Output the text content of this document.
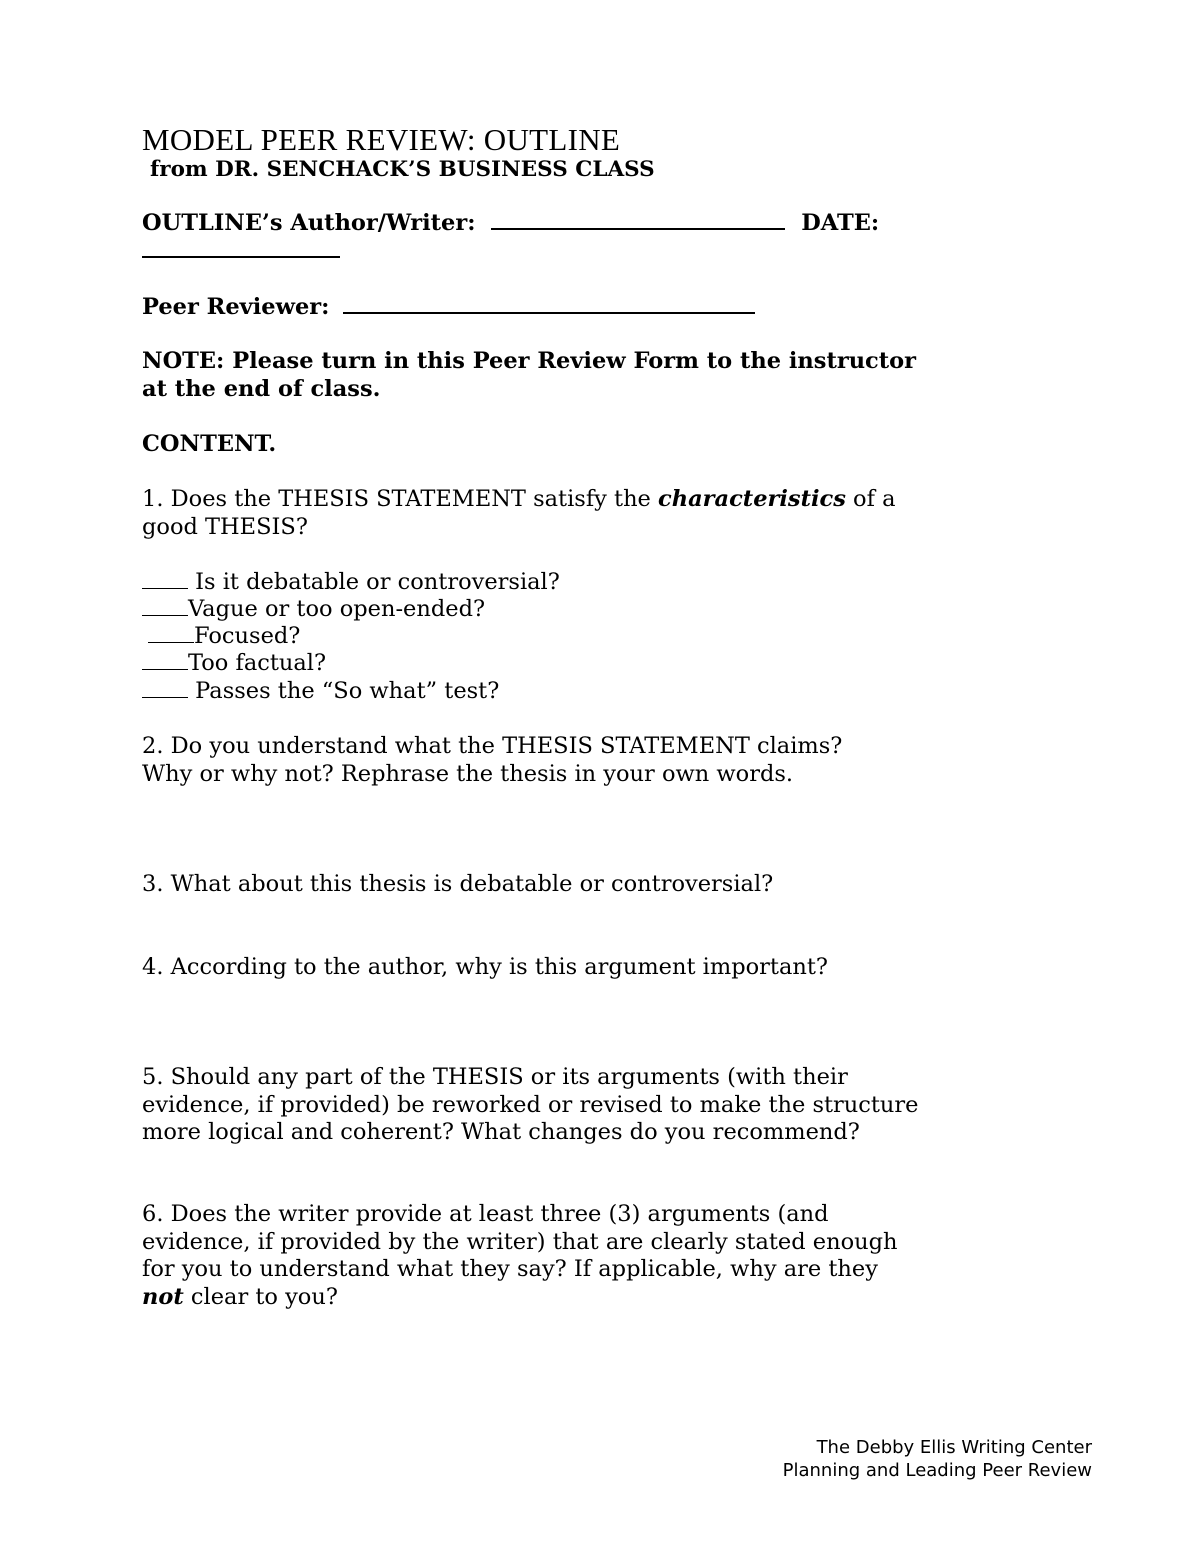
MODEL PEER REVIEW: OUTLINE
from DR. SENCHACK’S BUSINESS CLASS
OUTLINE’s Author/Writer:	DATE:
Peer Reviewer:
NOTE: Please turn in this Peer Review Form to the instructor
at the end of class.
CONTENT.
1. Does the THESIS STATEMENT satisfy the characteristics of a
good THESIS?
Is it debatable or controversial?
Vague or too open-ended?
Focused?
Too factual?
Passes the “So what” test?
2. Do you understand what the THESIS STATEMENT claims?
Why or why not? Rephrase the thesis in your own words.
3. What about this thesis is debatable or controversial?
4. According to the author, why is this argument important?
5. Should any part of the THESIS or its arguments (with their
evidence, if provided) be reworked or revised to make the structure
more logical and coherent? What changes do you recommend?
6. Does the writer provide at least three (3) arguments (and
evidence, if provided by the writer) that are clearly stated enough
for you to understand what they say? If applicable, why are they
not clear to you?
The Debby Ellis Writing Center
Planning and Leading Peer Review
